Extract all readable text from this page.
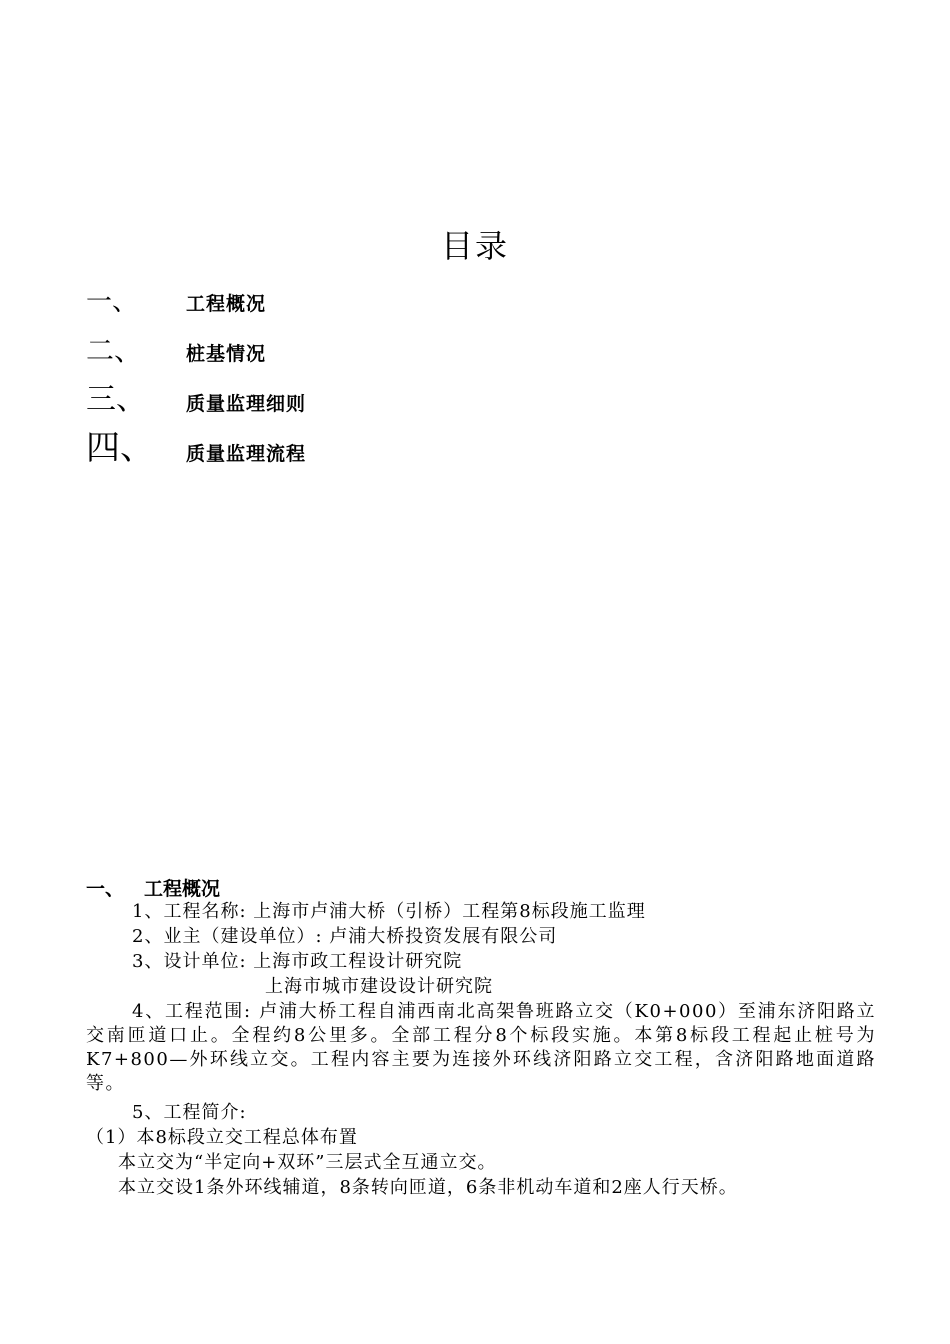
目录
一、	工程概况
二、 桩基情况
三、 质量监理细则
四、 质量监理流程
一、 工程概况
1、工程名称: 上海市卢浦大桥（引桥）工程第8标段施工监理
2、业主（建设单位）: 卢浦大桥投资发展有限公司
3、设计单位: 上海市政工程设计研究院
上海市城市建设设计研究院
4、工程范围: 卢浦大桥工程自浦西南北高架鲁班路立交（K0+000）至浦东济阳路立交南匝道口止。全程约8公里多。全部工程分8个标段实施。本第8标段工程起止桩号为K7+800—外环线立交。工程内容主要为连接外环线济阳路立交工程，含济阳路地面道路等。
5、工程简介:
（1）本8标段立交工程总体布置
本立交为“半定向+双环”三层式全互通立交。
本立交设1条外环线辅道，8条转向匝道，6条非机动车道和2座人行天桥。
